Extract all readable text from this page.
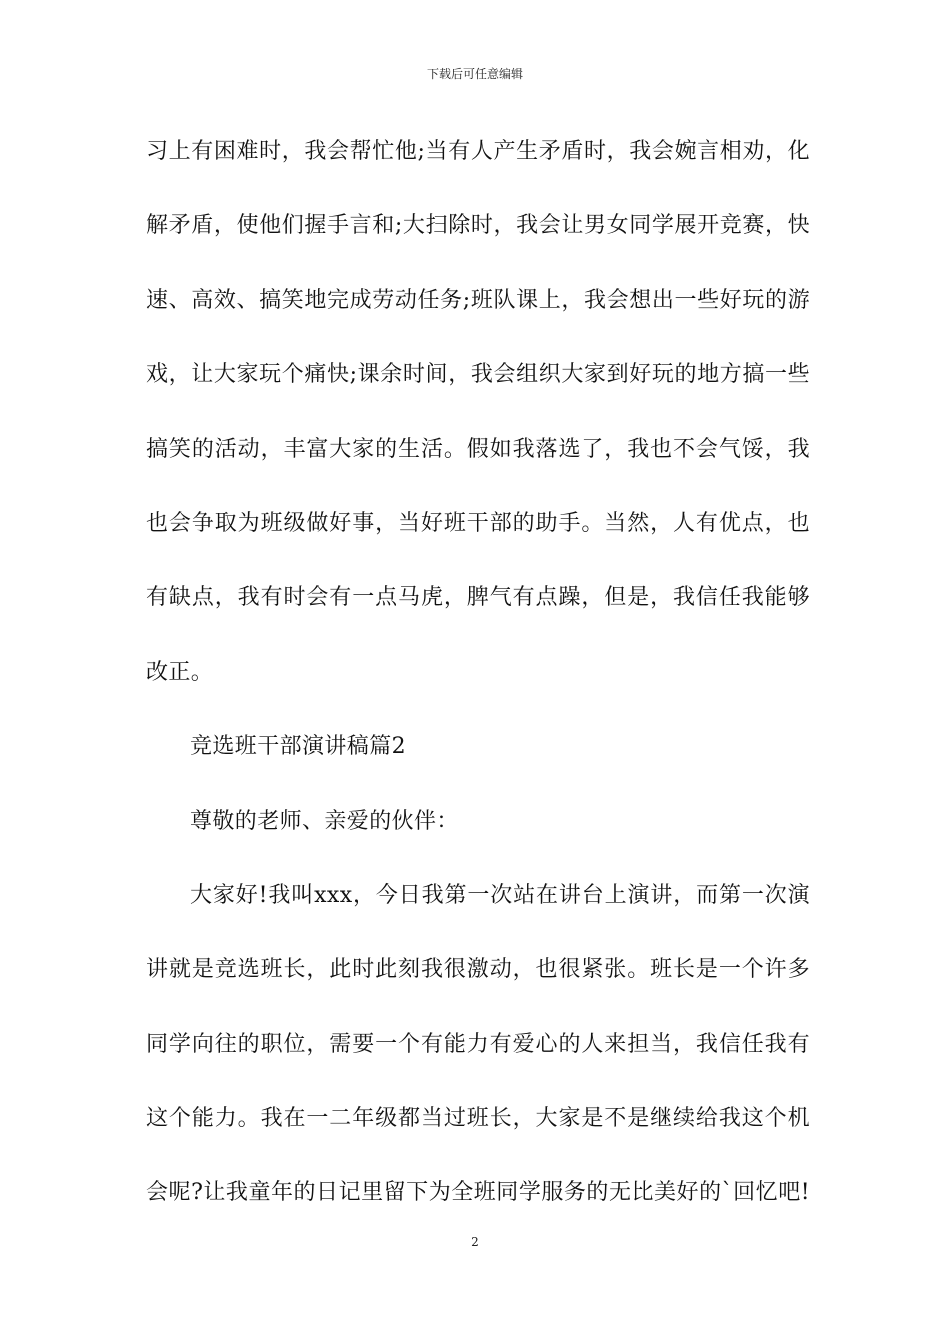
下载后可任意编辑
习上有困难时，我会帮忙他;当有人产生矛盾时，我会婉言相劝，化
解矛盾，使他们握手言和;大扫除时，我会让男女同学展开竞赛，快
速、高效、搞笑地完成劳动任务;班队课上，我会想出一些好玩的游
戏，让大家玩个痛快;课余时间，我会组织大家到好玩的地方搞一些
搞笑的活动，丰富大家的生活。假如我落选了，我也不会气馁，我
也会争取为班级做好事，当好班干部的助手。当然，人有优点，也
有缺点，我有时会有一点马虎，脾气有点躁，但是，我信任我能够
改正。
竞选班干部演讲稿篇2
尊敬的老师、亲爱的伙伴：
大家好!我叫xxx，今日我第一次站在讲台上演讲，而第一次演
讲就是竞选班长，此时此刻我很激动，也很紧张。班长是一个许多
同学向往的职位，需要一个有能力有爱心的人来担当，我信任我有
这个能力。我在一二年级都当过班长，大家是不是继续给我这个机
会呢?让我童年的日记里留下为全班同学服务的无比美好的`回忆吧!
2
